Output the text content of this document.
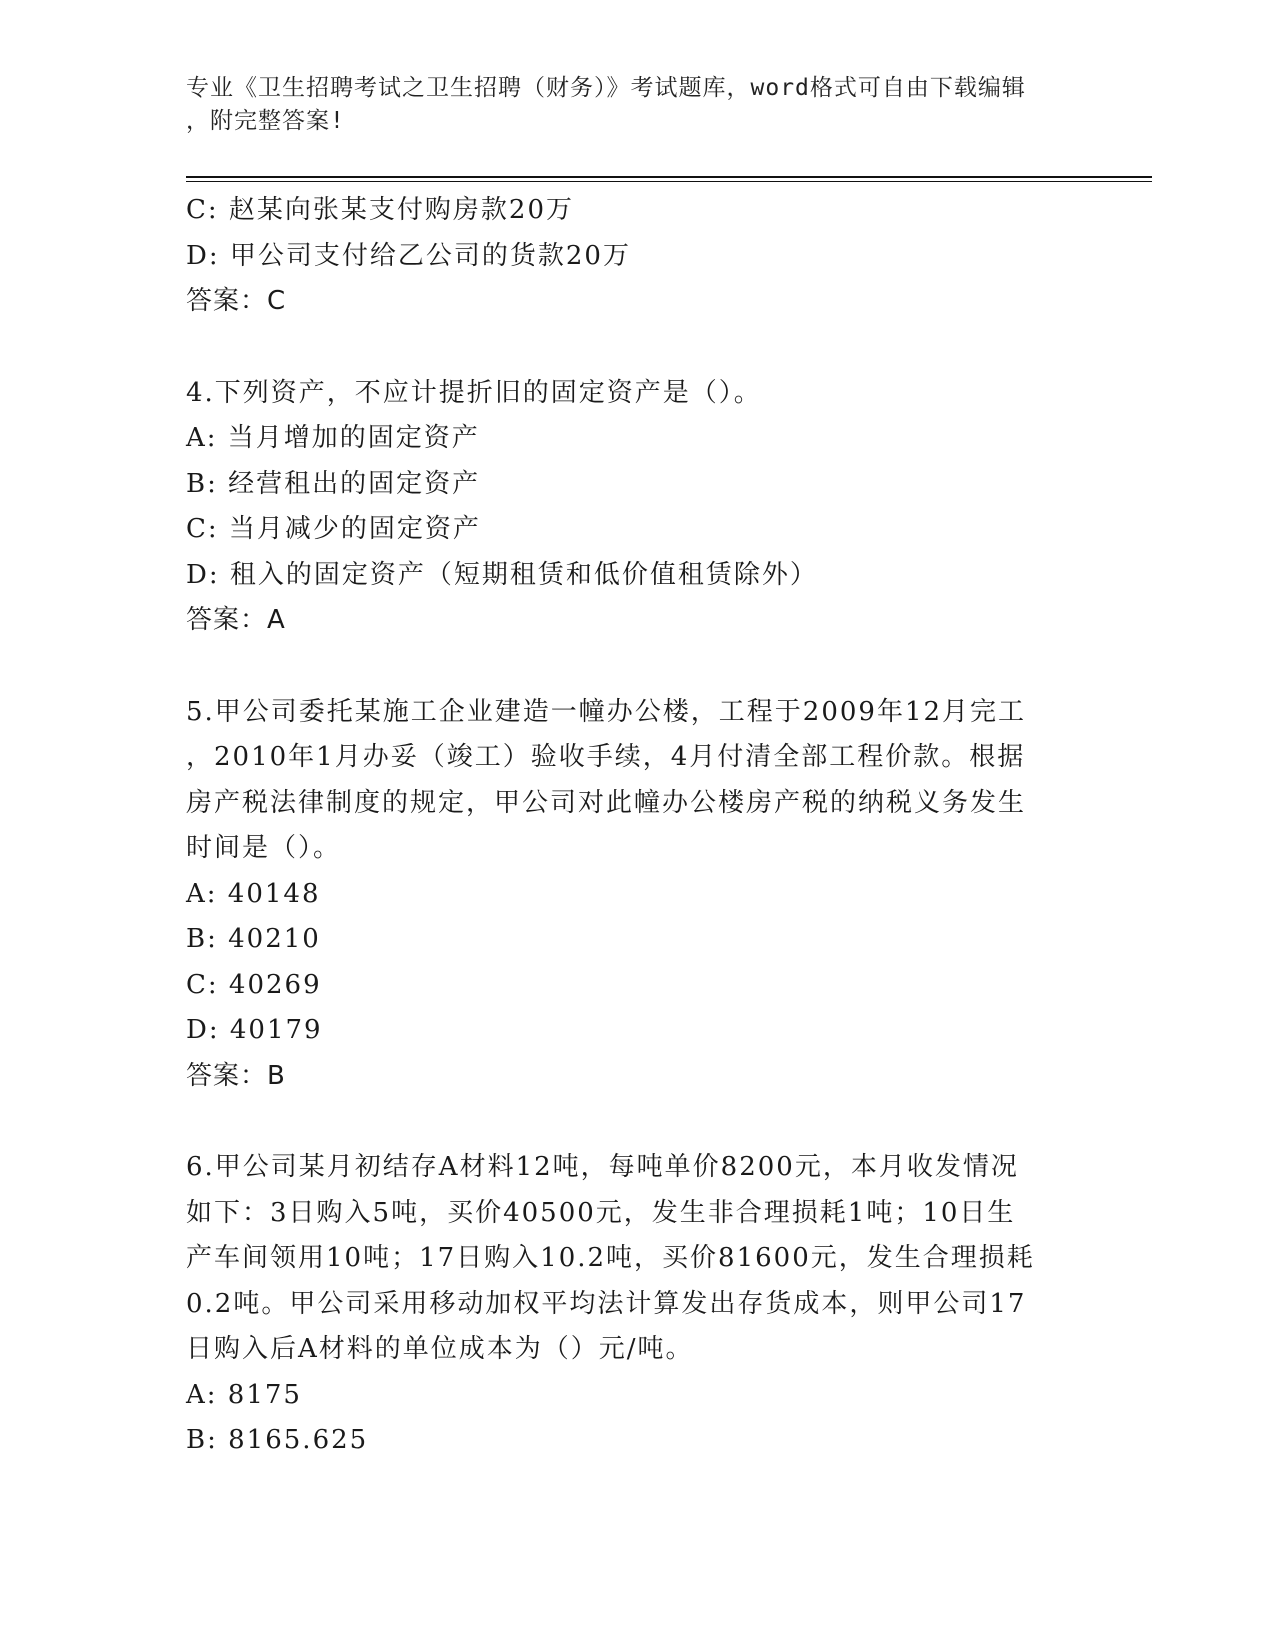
专业《卫生招聘考试之卫生招聘（财务）》考试题库，word格式可自由下载编辑
，附完整答案!
C: 赵某向张某支付购房款20万
D: 甲公司支付给乙公司的货款20万
答案：C
4.下列资产，不应计提折旧的固定资产是（）。
A: 当月增加的固定资产
B: 经营租出的固定资产
C: 当月减少的固定资产
D: 租入的固定资产（短期租赁和低价值租赁除外）
答案：A
5.甲公司委托某施工企业建造一幢办公楼，工程于2009年12月完工
，2010年1月办妥（竣工）验收手续，4月付清全部工程价款。根据
房产税法律制度的规定，甲公司对此幢办公楼房产税的纳税义务发生
时间是（）。
A: 40148
B: 40210
C: 40269
D: 40179
答案：B
6.甲公司某月初结存A材料12吨，每吨单价8200元，本月收发情况
如下：3日购入5吨，买价40500元，发生非合理损耗1吨；10日生
产车间领用10吨；17日购入10.2吨，买价81600元，发生合理损耗
0.2吨。甲公司采用移动加权平均法计算发出存货成本，则甲公司17
日购入后A材料的单位成本为（）元/吨。
A: 8175
B: 8165.625
